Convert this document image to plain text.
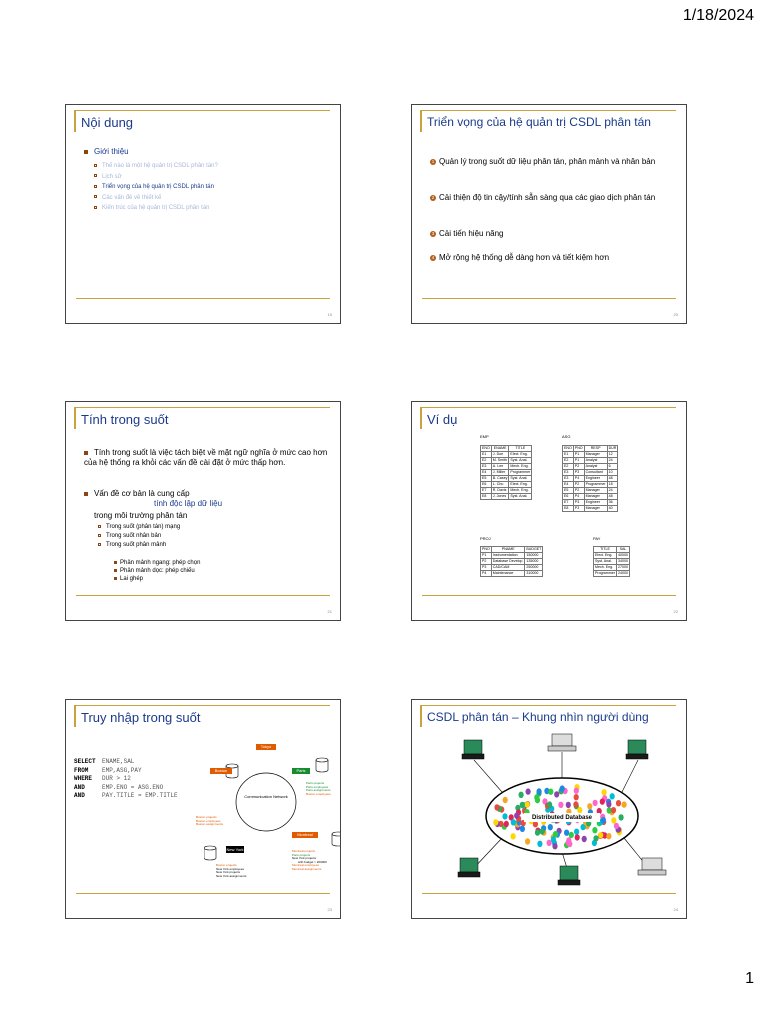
1/18/2024
Nội dung
Giới thiệu
Thế nào là một hệ quản trị CSDL phân tán?
Lịch sử
Triển vọng của hệ quản trị CSDL phân tán
Các vấn đề về thiết kế
Kiến trúc của hệ quản trị CSDL phân tán
19
Triển vọng của hệ quản trị CSDL phân tán
1 Quản lý trong suốt dữ liệu phân tán, phân mảnh và nhân bản
2 Cải thiện độ tin cậy/tính sẵn sàng qua các giao dịch phân tán
3 Cải tiến hiệu năng
4 Mở rộng hệ thống dễ dàng hơn và tiết kiệm hơn
20
Tính trong suốt
Tính trong suốt là việc tách biệt về mặt ngữ nghĩa ở mức cao hơn của hệ thống ra khỏi các vấn đề cài đặt ở mức thấp hơn.
Vấn đề cơ bản là cung cấp
tính độc lập dữ liệu
trong môi trường phân tán
Trong suốt (phân tán) mạng
Trong suốt nhân bản
Trong suốt phân mảnh
Phân mảnh ngang: phép chọn
Phân mảnh dọc: phép chiếu
Lai ghép
21
Ví dụ
EMP
ENO	ENAME	TITLE
E1	J. Doe	Elect. Eng.
E2	M. Smith	Syst. Anal.
E3	A. Lee	Mech. Eng.
E4	J. Miller	Programmer
E5	B. Casey	Syst. Anal.
E6	L. Chu	Elect. Eng.
E7	R. Davis	Mech. Eng.
E8	J. Jones	Syst. Anal.
ASG
ENO	PNO	RESP	DUR
E1	P1	Manager	12
E2	P1	Analyst	24
E2	P2	Analyst	6
E3	P3	Consultant	10
E3	P4	Engineer	48
E4	P2	Programmer	18
E5	P2	Manager	24
E6	P4	Manager	48
E7	P3	Engineer	36
E8	P3	Manager	40
PROJ
PNO	PNAME	BUDGET
P1	Instrumentation	150000
P2	Database Develop.	135000
P3	CAD/CAM	250000
P4	Maintenance	310000
PAY
TITLE	SAL
Elect. Eng.	40000
Syst. Anal.	34000
Mech. Eng.	27000
Programmer	24000
22
Truy nhập trong suốt
SELECT ENAME,SAL
FROM EMP,ASG,PAY
WHERE DUR > 12
AND	EMP.ENO = ASG.ENO
AND	PAY.TITLE = EMP.TITLE	Communication Network
Tokyo
Boston	Paris
Montreal
New York
Boston projects
Boston employees
Boston assignments
Paris projects
Paris employees
Paris assignments
Boston employees
Montreal projects
Paris projects
New York projects
with budget > 200000
Montreal employees
Montreal assignments
Boston projects
New York employees
New York projects
New York assignments
23
CSDL phân tán – Khung nhìn người dùng
Distributed Database
24
1
